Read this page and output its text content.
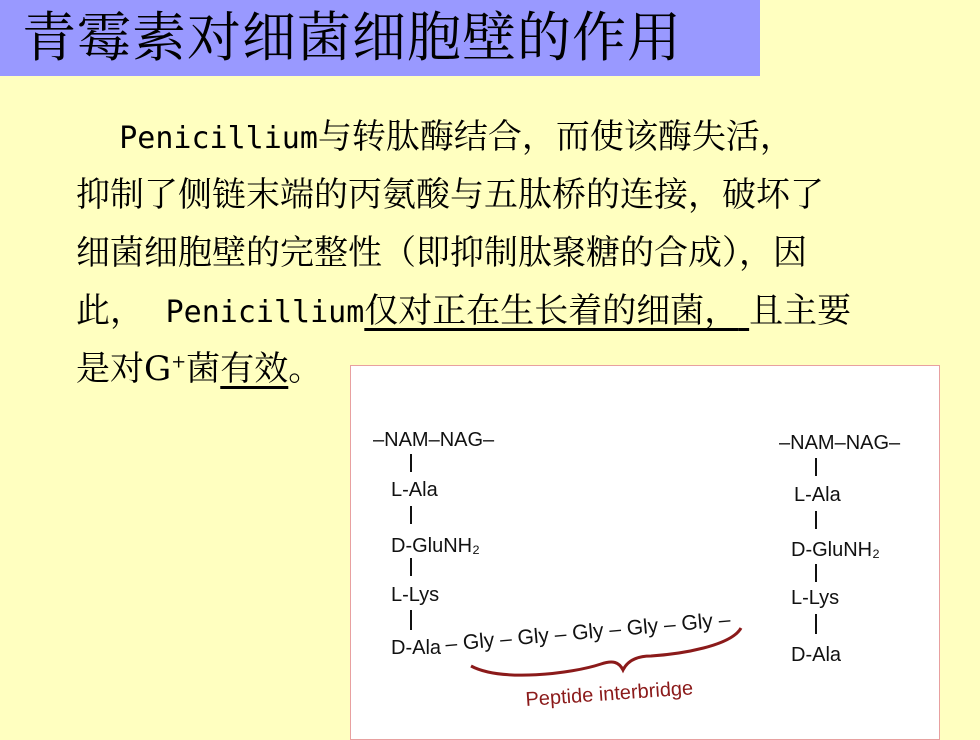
青霉素对细菌细胞壁的作用
Penicillium与转肽酶结合，而使该酶失活，
抑制了侧链末端的丙氨酸与五肽桥的连接，破坏了
细菌细胞壁的完整性（即抑制肽聚糖的合成），因
此， Penicillium仅对正在生长着的细菌， 且主要
是对G+菌有效。
–NAM–NAG–
L-Ala
D-GluNH₂
L-Lys
D-Ala
–NAM–NAG–
L-Ala
D-GluNH₂
L-Lys
D-Ala
– Gly – Gly – Gly – Gly – Gly –
Peptide interbridge
